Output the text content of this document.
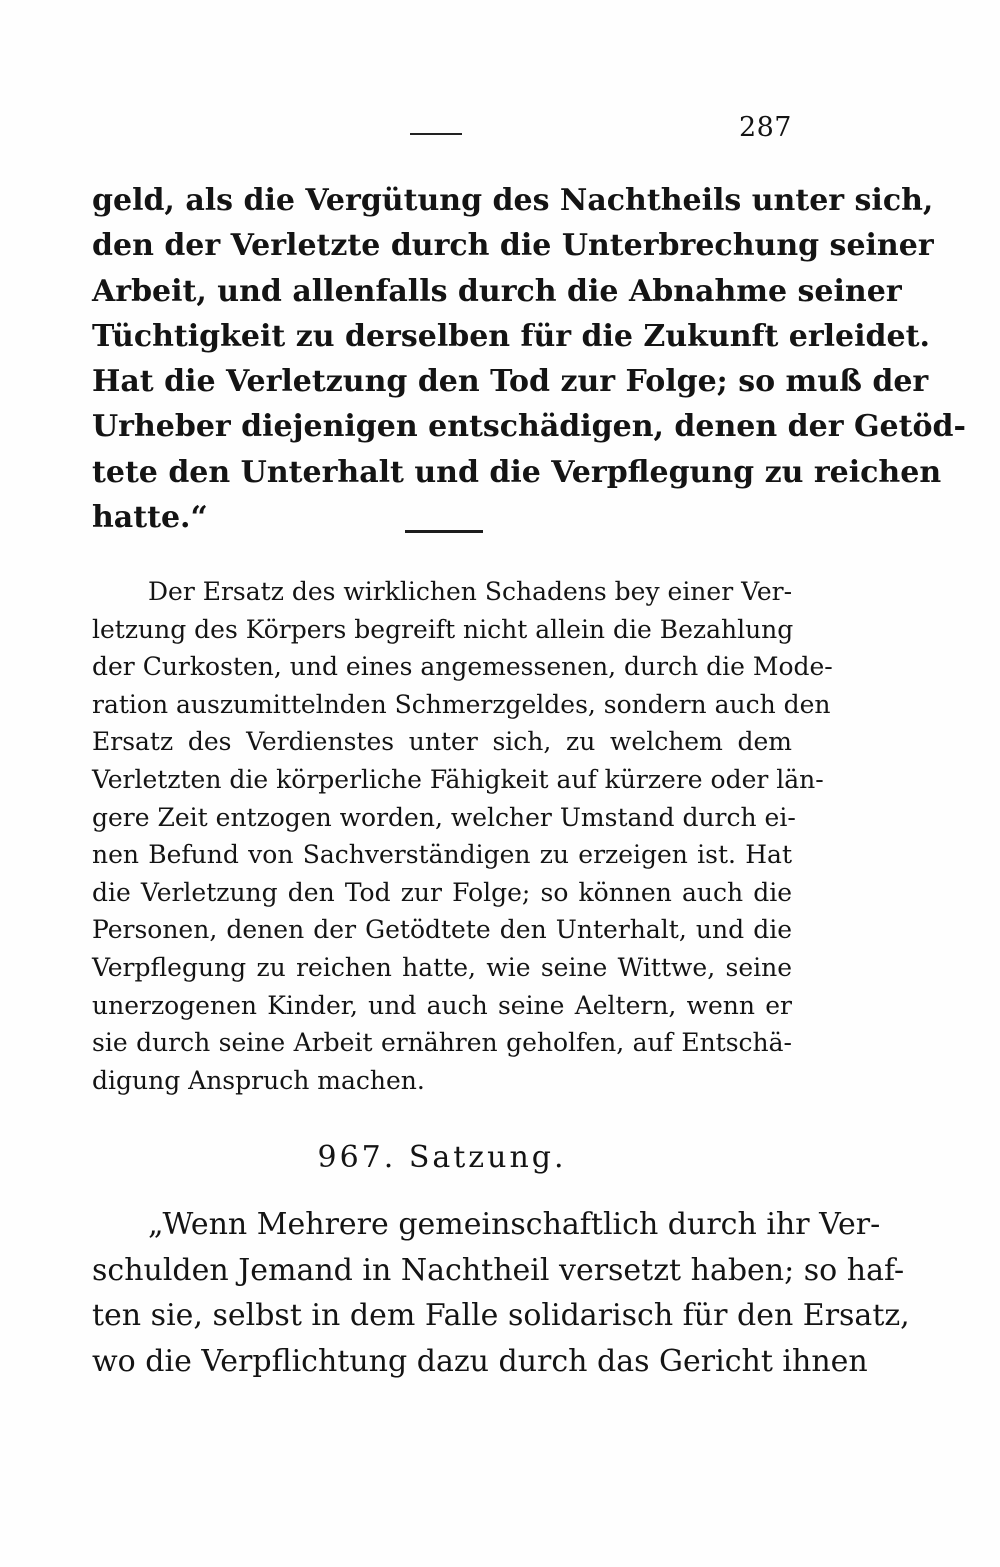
287
geld, als die Vergütung des Nachtheils unter sich,
den der Verletzte durch die Unterbrechung seiner
Arbeit, und allenfalls durch die Abnahme seiner
Tüchtigkeit zu derselben für die Zukunft erleidet.
Hat die Verletzung den Tod zur Folge; so muß der
Urheber diejenigen entschädigen, denen der Getöd-
tete den Unterhalt und die Verpflegung zu reichen
hatte.“
Der Ersatz des wirklichen Schadens bey einer Ver-
letzung des Körpers begreift nicht allein die Bezahlung
der Curkosten, und eines angemessenen, durch die Mode-
ration auszumittelnden Schmerzgeldes, sondern auch den
Ersatz des Verdienstes unter sich, zu welchem dem
Verletzten die körperliche Fähigkeit auf kürzere oder län-
gere Zeit entzogen worden, welcher Umstand durch ei-
nen Befund von Sachverständigen zu erzeigen ist. Hat
die Verletzung den Tod zur Folge; so können auch die
Personen, denen der Getödtete den Unterhalt, und die
Verpflegung zu reichen hatte, wie seine Wittwe, seine
unerzogenen Kinder, und auch seine Aeltern, wenn er
sie durch seine Arbeit ernähren geholfen, auf Entschä-
digung Anspruch machen.
967. Satzung.
„Wenn Mehrere gemeinschaftlich durch ihr Ver-
schulden Jemand in Nachtheil versetzt haben; so haf-
ten sie, selbst in dem Falle solidarisch für den Ersatz,
wo die Verpflichtung dazu durch das Gericht ihnen
